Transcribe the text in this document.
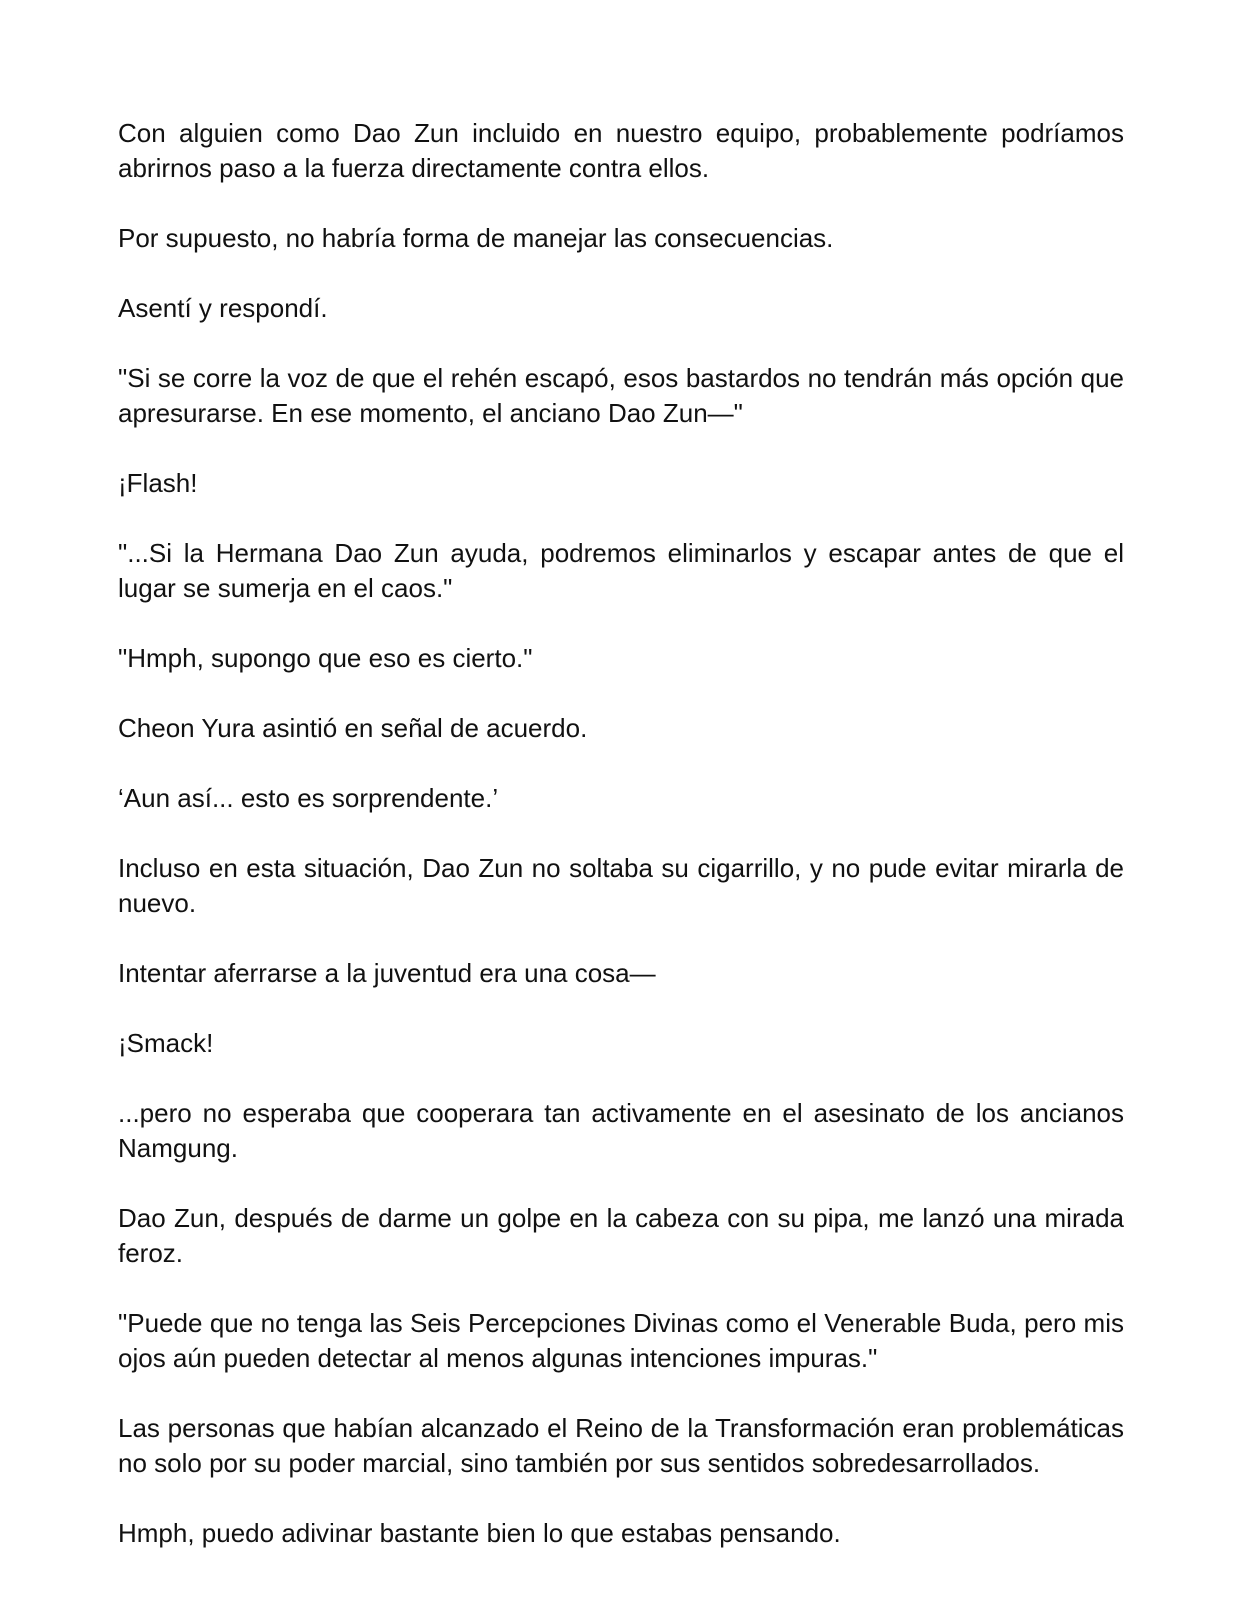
Con alguien como Dao Zun incluido en nuestro equipo, probablemente podríamos abrirnos paso a la fuerza directamente contra ellos.

Por supuesto, no habría forma de manejar las consecuencias.

Asentí y respondí.

"Si se corre la voz de que el rehén escapó, esos bastardos no tendrán más opción que apresurarse. En ese momento, el anciano Dao Zun—"

¡Flash!

"...Si la Hermana Dao Zun ayuda, podremos eliminarlos y escapar antes de que el lugar se sumerja en el caos."

"Hmph, supongo que eso es cierto."

Cheon Yura asintió en señal de acuerdo.

‘Aun así... esto es sorprendente.’

Incluso en esta situación, Dao Zun no soltaba su cigarrillo, y no pude evitar mirarla de nuevo.

Intentar aferrarse a la juventud era una cosa—

¡Smack!

...pero no esperaba que cooperara tan activamente en el asesinato de los ancianos Namgung.

Dao Zun, después de darme un golpe en la cabeza con su pipa, me lanzó una mirada feroz.

"Puede que no tenga las Seis Percepciones Divinas como el Venerable Buda, pero mis ojos aún pueden detectar al menos algunas intenciones impuras."

Las personas que habían alcanzado el Reino de la Transformación eran problemáticas no solo por su poder marcial, sino también por sus sentidos sobredesarrollados.

Hmph, puedo adivinar bastante bien lo que estabas pensando.
